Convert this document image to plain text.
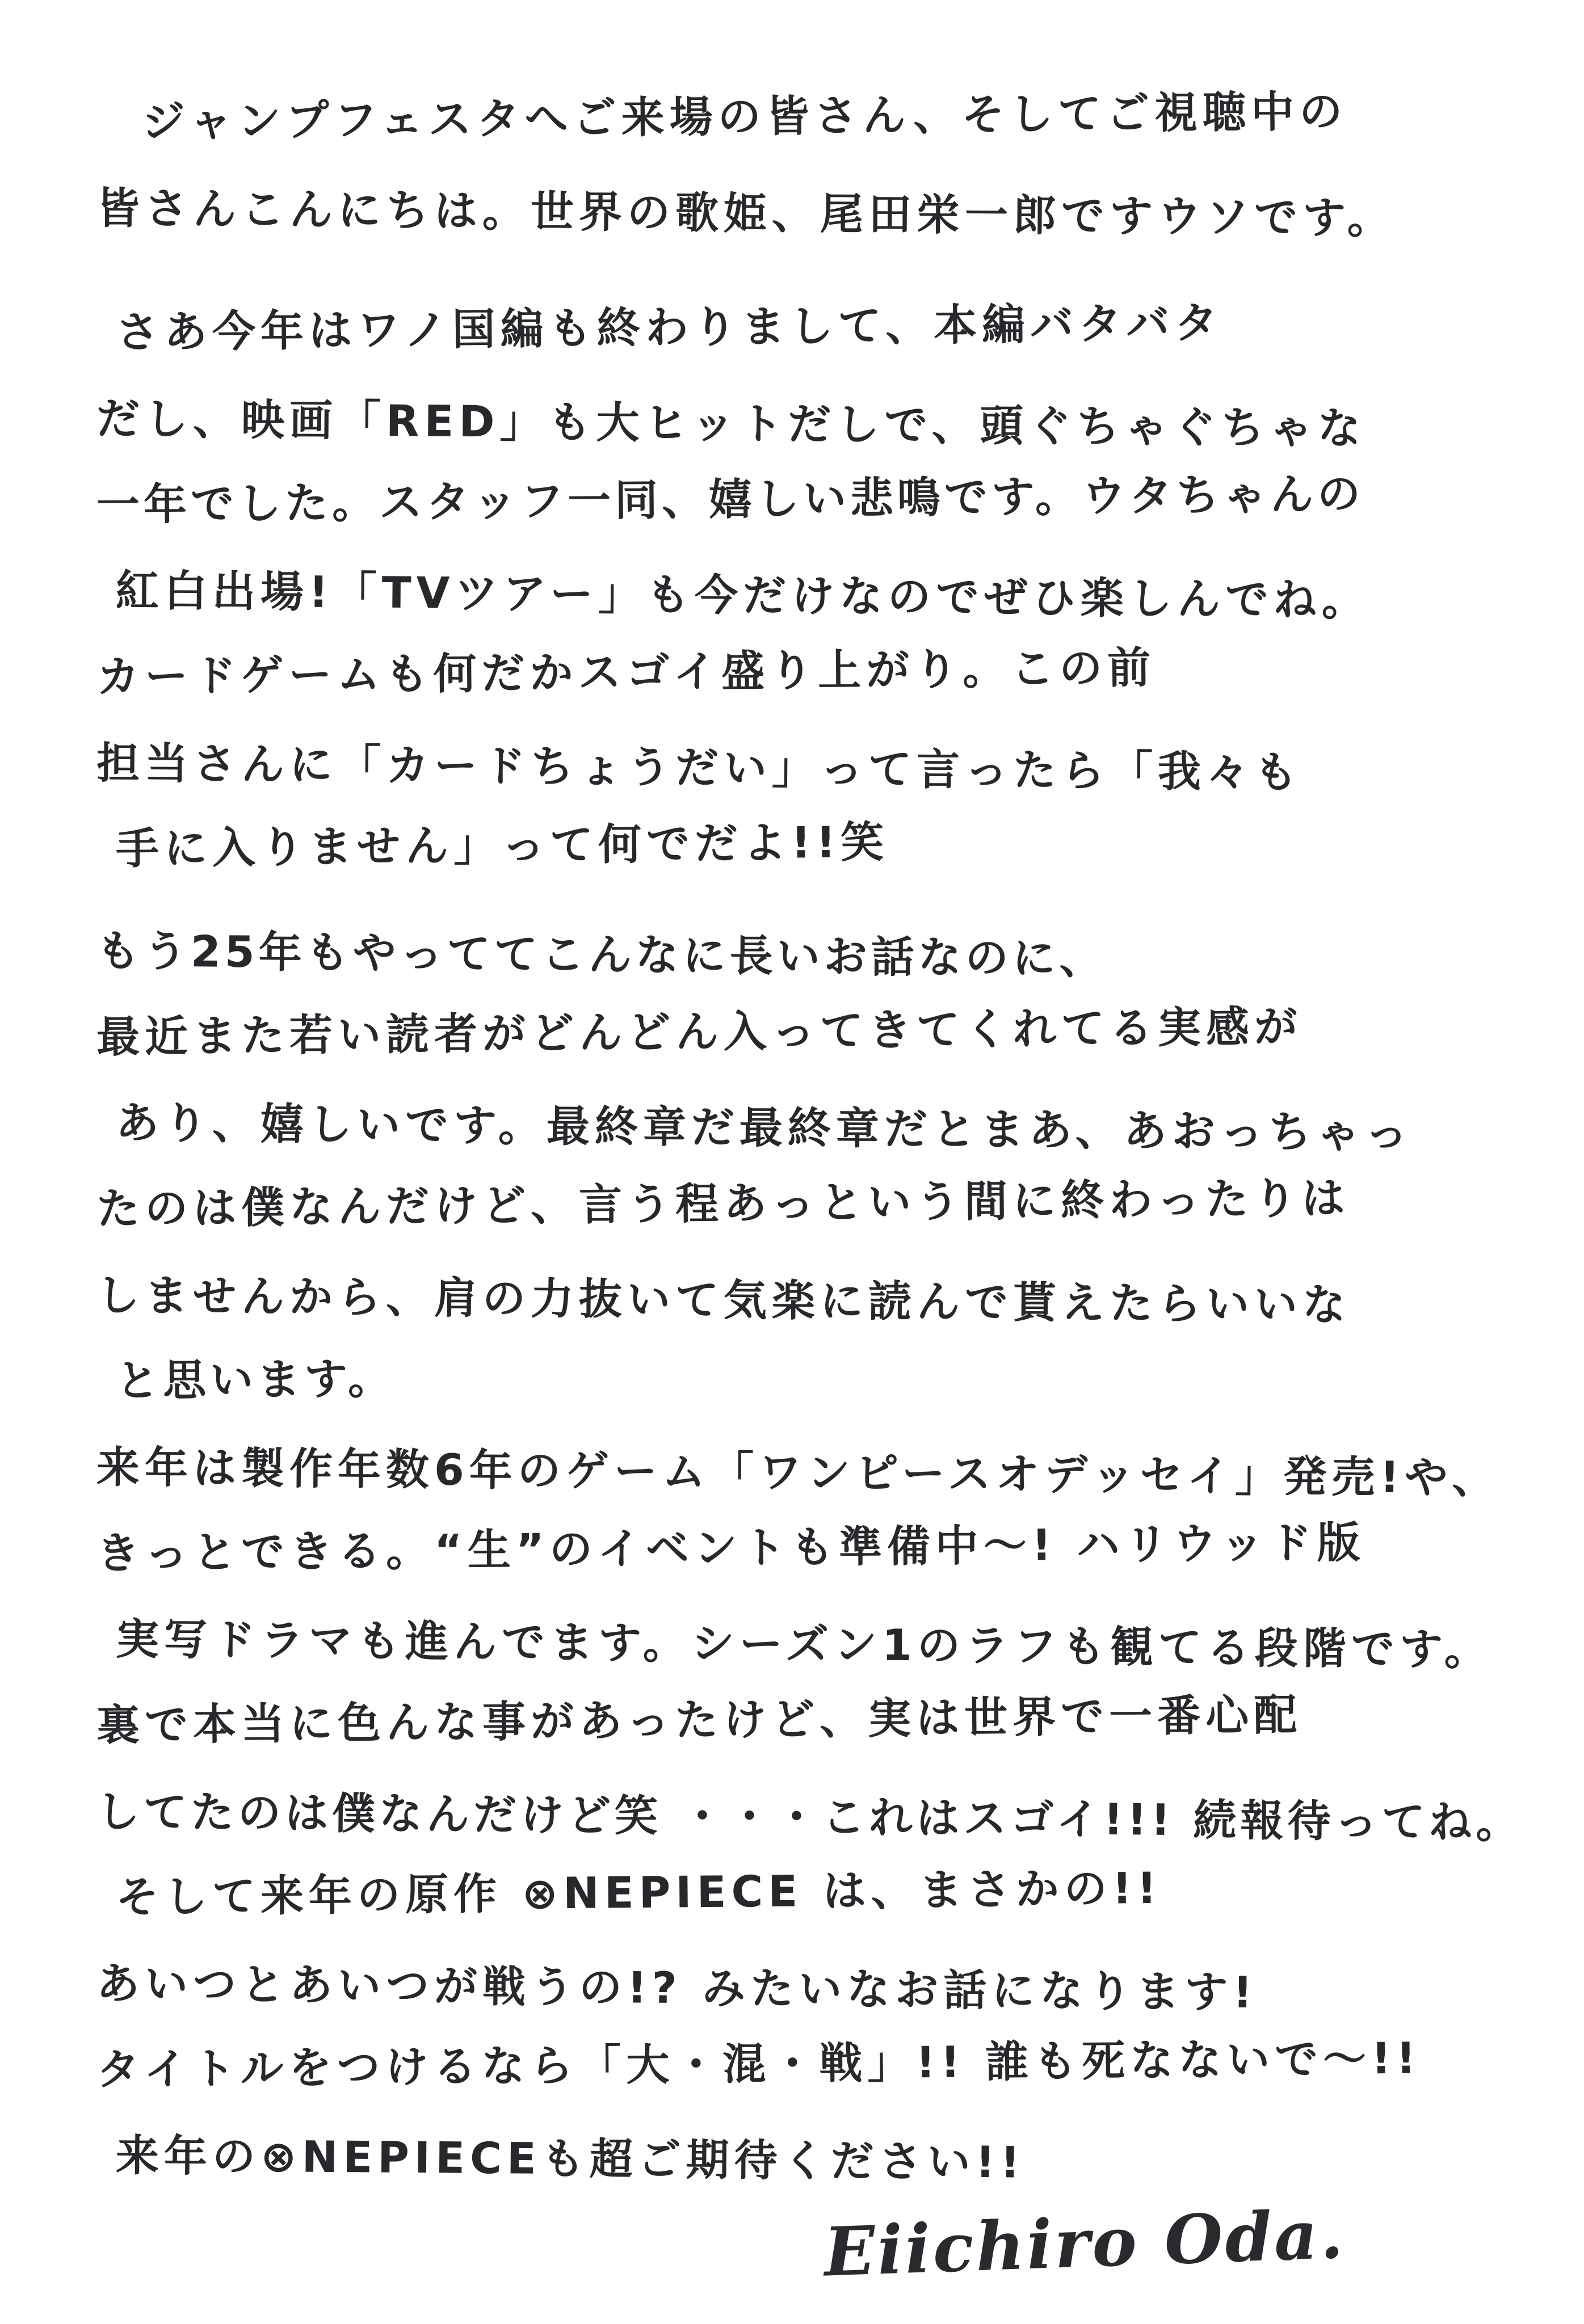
ジャンプフェスタへご来場の皆さん、そしてご視聴中の

皆さんこんにちは。世界の歌姫、尾田栄一郎ですウソです。

さあ今年はワノ国編も終わりまして、本編バタバタ

だし、映画「RED」も大ヒットだしで、頭ぐちゃぐちゃな

一年でした。スタッフ一同、嬉しい悲鳴です。ウタちゃんの

紅白出場!「TVツアー」も今だけなのでぜひ楽しんでね。

カードゲームも何だかスゴイ盛り上がり。この前

担当さんに「カードちょうだい」って言ったら「我々も

手に入りません」って何でだよ!!笑

もう25年もやっててこんなに長いお話なのに、

最近また若い読者がどんどん入ってきてくれてる実感が

あり、嬉しいです。最終章だ最終章だとまあ、あおっちゃっ

たのは僕なんだけど、言う程あっという間に終わったりは

しませんから、肩の力抜いて気楽に読んで貰えたらいいな

と思います。

来年は製作年数6年のゲーム「ワンピースオデッセイ」発売!や、

きっとできる。“生”のイベントも準備中〜! ハリウッド版

実写ドラマも進んでます。シーズン1のラフも観てる段階です。

裏で本当に色んな事があったけど、実は世界で一番心配

してたのは僕なんだけど笑 ・・・これはスゴイ!!! 続報待ってね。

そして来年の原作 ⊗NEPIECE は、まさかの!!

あいつとあいつが戦うの!? みたいなお話になります!

タイトルをつけるなら「大・混・戦」!! 誰も死なないで〜!!

来年の⊗NEPIECEも超ご期待ください!!

Eiichiro Oda.
